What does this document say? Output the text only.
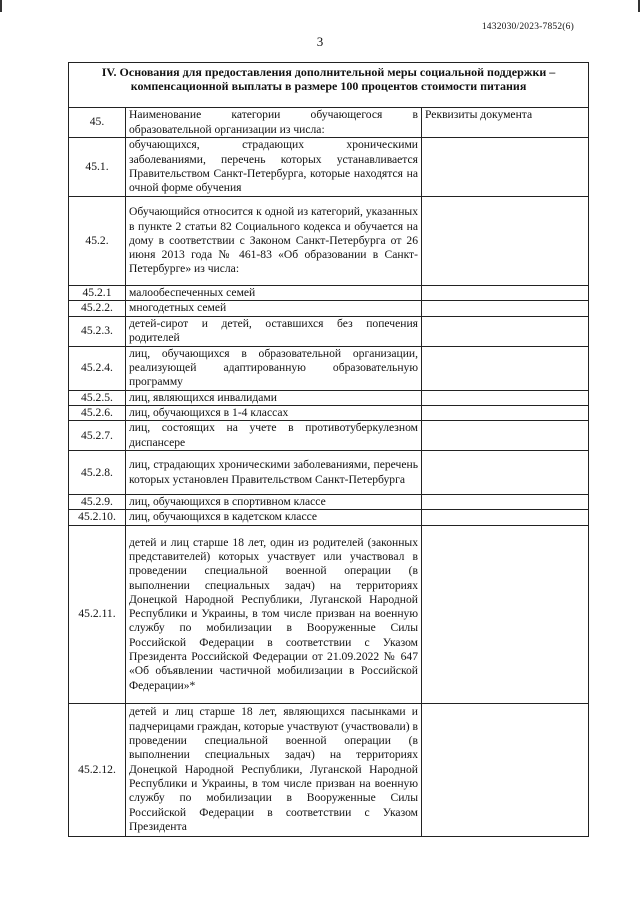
1432030/2023-7852(6)
3
IV. Основания для предоставления дополнительной меры социальной поддержки – компенсационной выплаты в размере 100 процентов стоимости питания		
45.	Наименование категории обучающегося в образовательной организации из числа:	Реквизиты документа
45.1.	обучающихся, страдающих хроническими заболеваниями, перечень которых устанавливается Правительством Санкт-Петербурга, которые находятся на очной форме обучения	
45.2.	Обучающийся относится к одной из категорий, указанных в пункте 2 статьи 82 Социального кодекса и обучается на дому в соответствии с Законом Санкт-Петербурга от 26 июня 2013 года № 461-83 «Об образовании в Санкт-Петербурге» из числа:	
45.2.1	малообеспеченных семей	
45.2.2.	многодетных семей	
45.2.3.	детей-сирот и детей, оставшихся без попечения родителей	
45.2.4.	лиц, обучающихся в образовательной организации, реализующей адаптированную образовательную программу	
45.2.5.	лиц, являющихся инвалидами	
45.2.6.	лиц, обучающихся в 1-4 классах	
45.2.7.	лиц, состоящих на учете в противотуберкулезном диспансере	
45.2.8.	лиц, страдающих хроническими заболеваниями, перечень которых установлен Правительством Санкт-Петербурга	
45.2.9.	лиц, обучающихся в спортивном классе	
45.2.10.	лиц, обучающихся в кадетском классе	
45.2.11.	детей и лиц старше 18 лет, один из родителей (законных представителей) которых участвует или участвовал в проведении специальной военной операции (в выполнении специальных задач) на территориях Донецкой Народной Республики, Луганской Народной Республики и Украины, в том числе призван на военную службу по мобилизации в Вооруженные Силы Российской Федерации в соответствии с Указом Президента Российской Федерации от 21.09.2022 № 647 «Об объявлении частичной мобилизации в Российской Федерации»*	
45.2.12.	детей и лиц старше 18 лет, являющихся пасынками и падчерицами граждан, которые участвуют (участвовали) в проведении специальной военной операции (в выполнении специальных задач) на территориях Донецкой Народной Республики, Луганской Народной Республики и Украины, в том числе призван на военную службу по мобилизации в Вооруженные Силы Российской Федерации в соответствии с Указом Президента	
